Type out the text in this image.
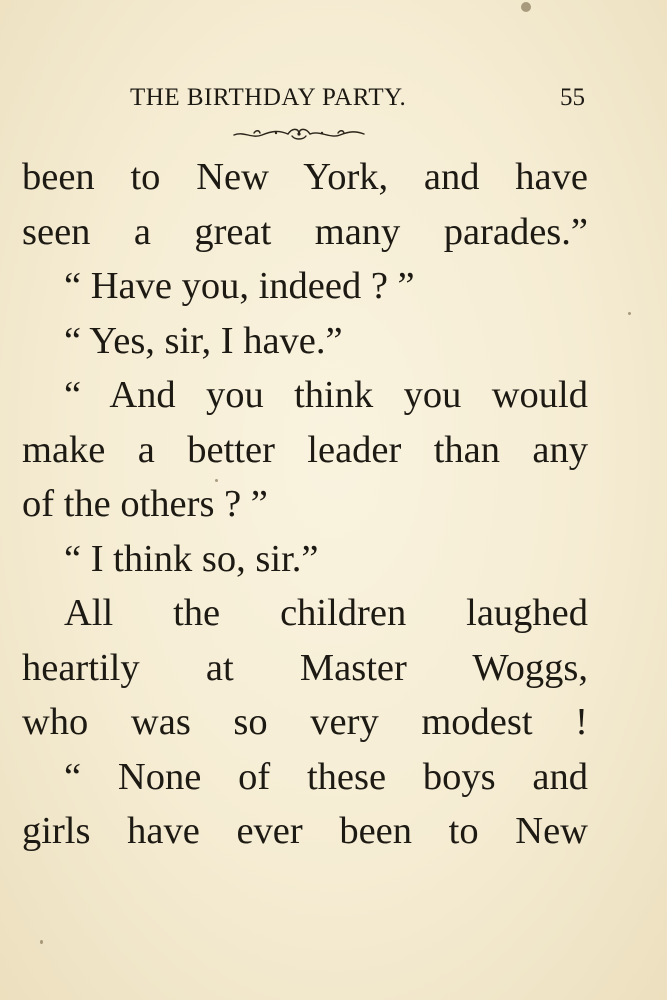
THE BIRTHDAY PARTY.	55
been to New York, and have
seen a great many parades.”
“ Have you, indeed ? ”
“ Yes, sir, I have.”
“ And you think you would
make a better leader than any
of the others ? ”
“ I think so, sir.”
All the children laughed
heartily at Master Woggs,
who was so very modest !
“ None of these boys and
girls have ever been to New
